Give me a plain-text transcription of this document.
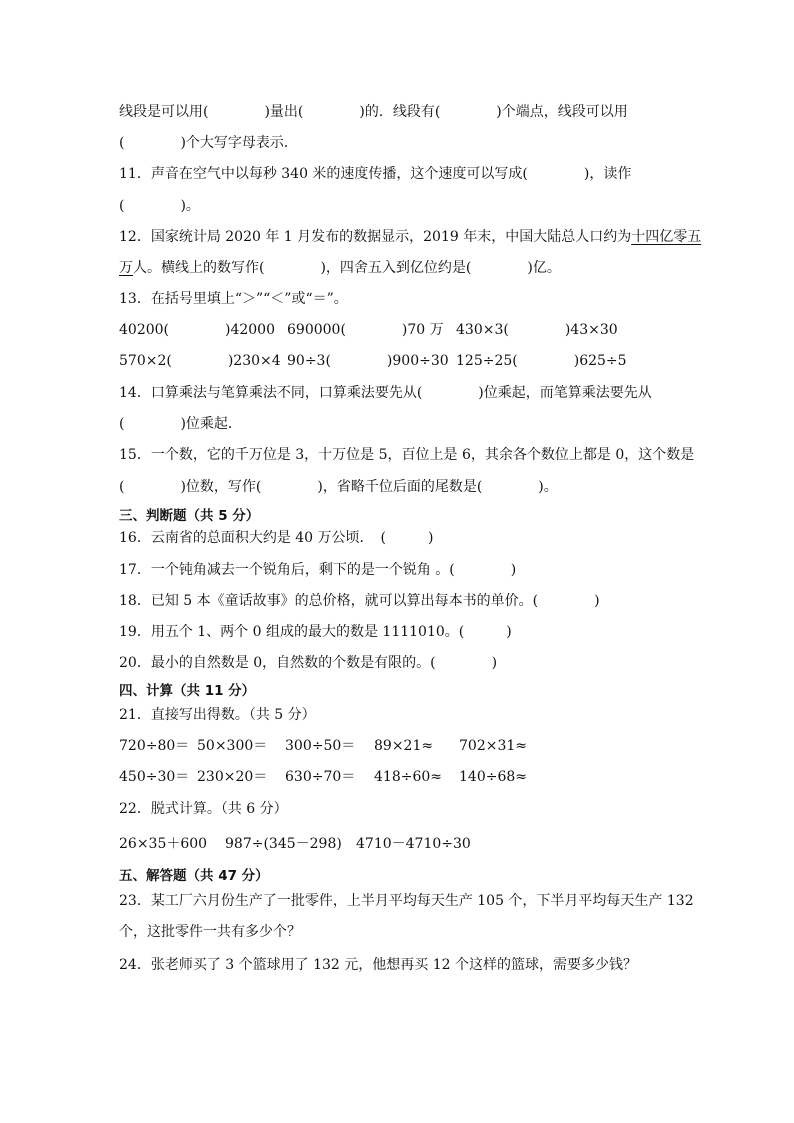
线段是可以用(　　　　)量出(　　　　)的．线段有(　　　　)个端点，线段可以用
(　　　　)个大写字母表示．
11．声音在空气中以每秒 340 米的速度传播，这个速度可以写成(　　　　)，读作
(　　　　)。
12．国家统计局 2020 年 1 月发布的数据显示，2019 年末，中国大陆总人口约为十四亿零五
万人。横线上的数写作(　　　　)，四舍五入到亿位约是(　　　　)亿。
13．在括号里填上“＞”“＜”或“＝”。
40200(　　　　)42000 690000(　　　　)70 万 430×3(　　　　)43×30
570×2(　　　　)230×4 90÷3(　　　　)900÷30 125÷25(　　　　)625÷5
14．口算乘法与笔算乘法不同，口算乘法要先从(　　　　)位乘起，而笔算乘法要先从
(　　　　)位乘起．
15．一个数，它的千万位是 3，十万位是 5，百位上是 6，其余各个数位上都是 0，这个数是
(　　　　)位数，写作(　　　　)，省略千位后面的尾数是(　　　　)。
三、判断题（共 5 分）
16．云南省的总面积大约是 40 万公顷．　(　　　)
17．一个钝角减去一个锐角后，剩下的是一个锐角 。(　　　　)
18．已知 5 本《童话故事》的总价格，就可以算出每本书的单价。(　　　　)
19．用五个 1、两个 0 组成的最大的数是 1111010。(　　　)
20．最小的自然数是 0，自然数的个数是有限的。(　　　　)
四、计算（共 11 分）
21．直接写出得数。（共 5 分）
720÷80＝ 50×300＝ 300÷50＝ 89×21≈ 702×31≈
450÷30＝ 230×20＝ 630÷70＝ 418÷60≈ 140÷68≈
22．脱式计算。（共 6 分）
26×35＋600 987÷(345－298) 4710－4710÷30
五、解答题（共 47 分）
23．某工厂六月份生产了一批零件，上半月平均每天生产 105 个，下半月平均每天生产 132
个，这批零件一共有多少个？
24．张老师买了 3 个篮球用了 132 元，他想再买 12 个这样的篮球，需要多少钱？
